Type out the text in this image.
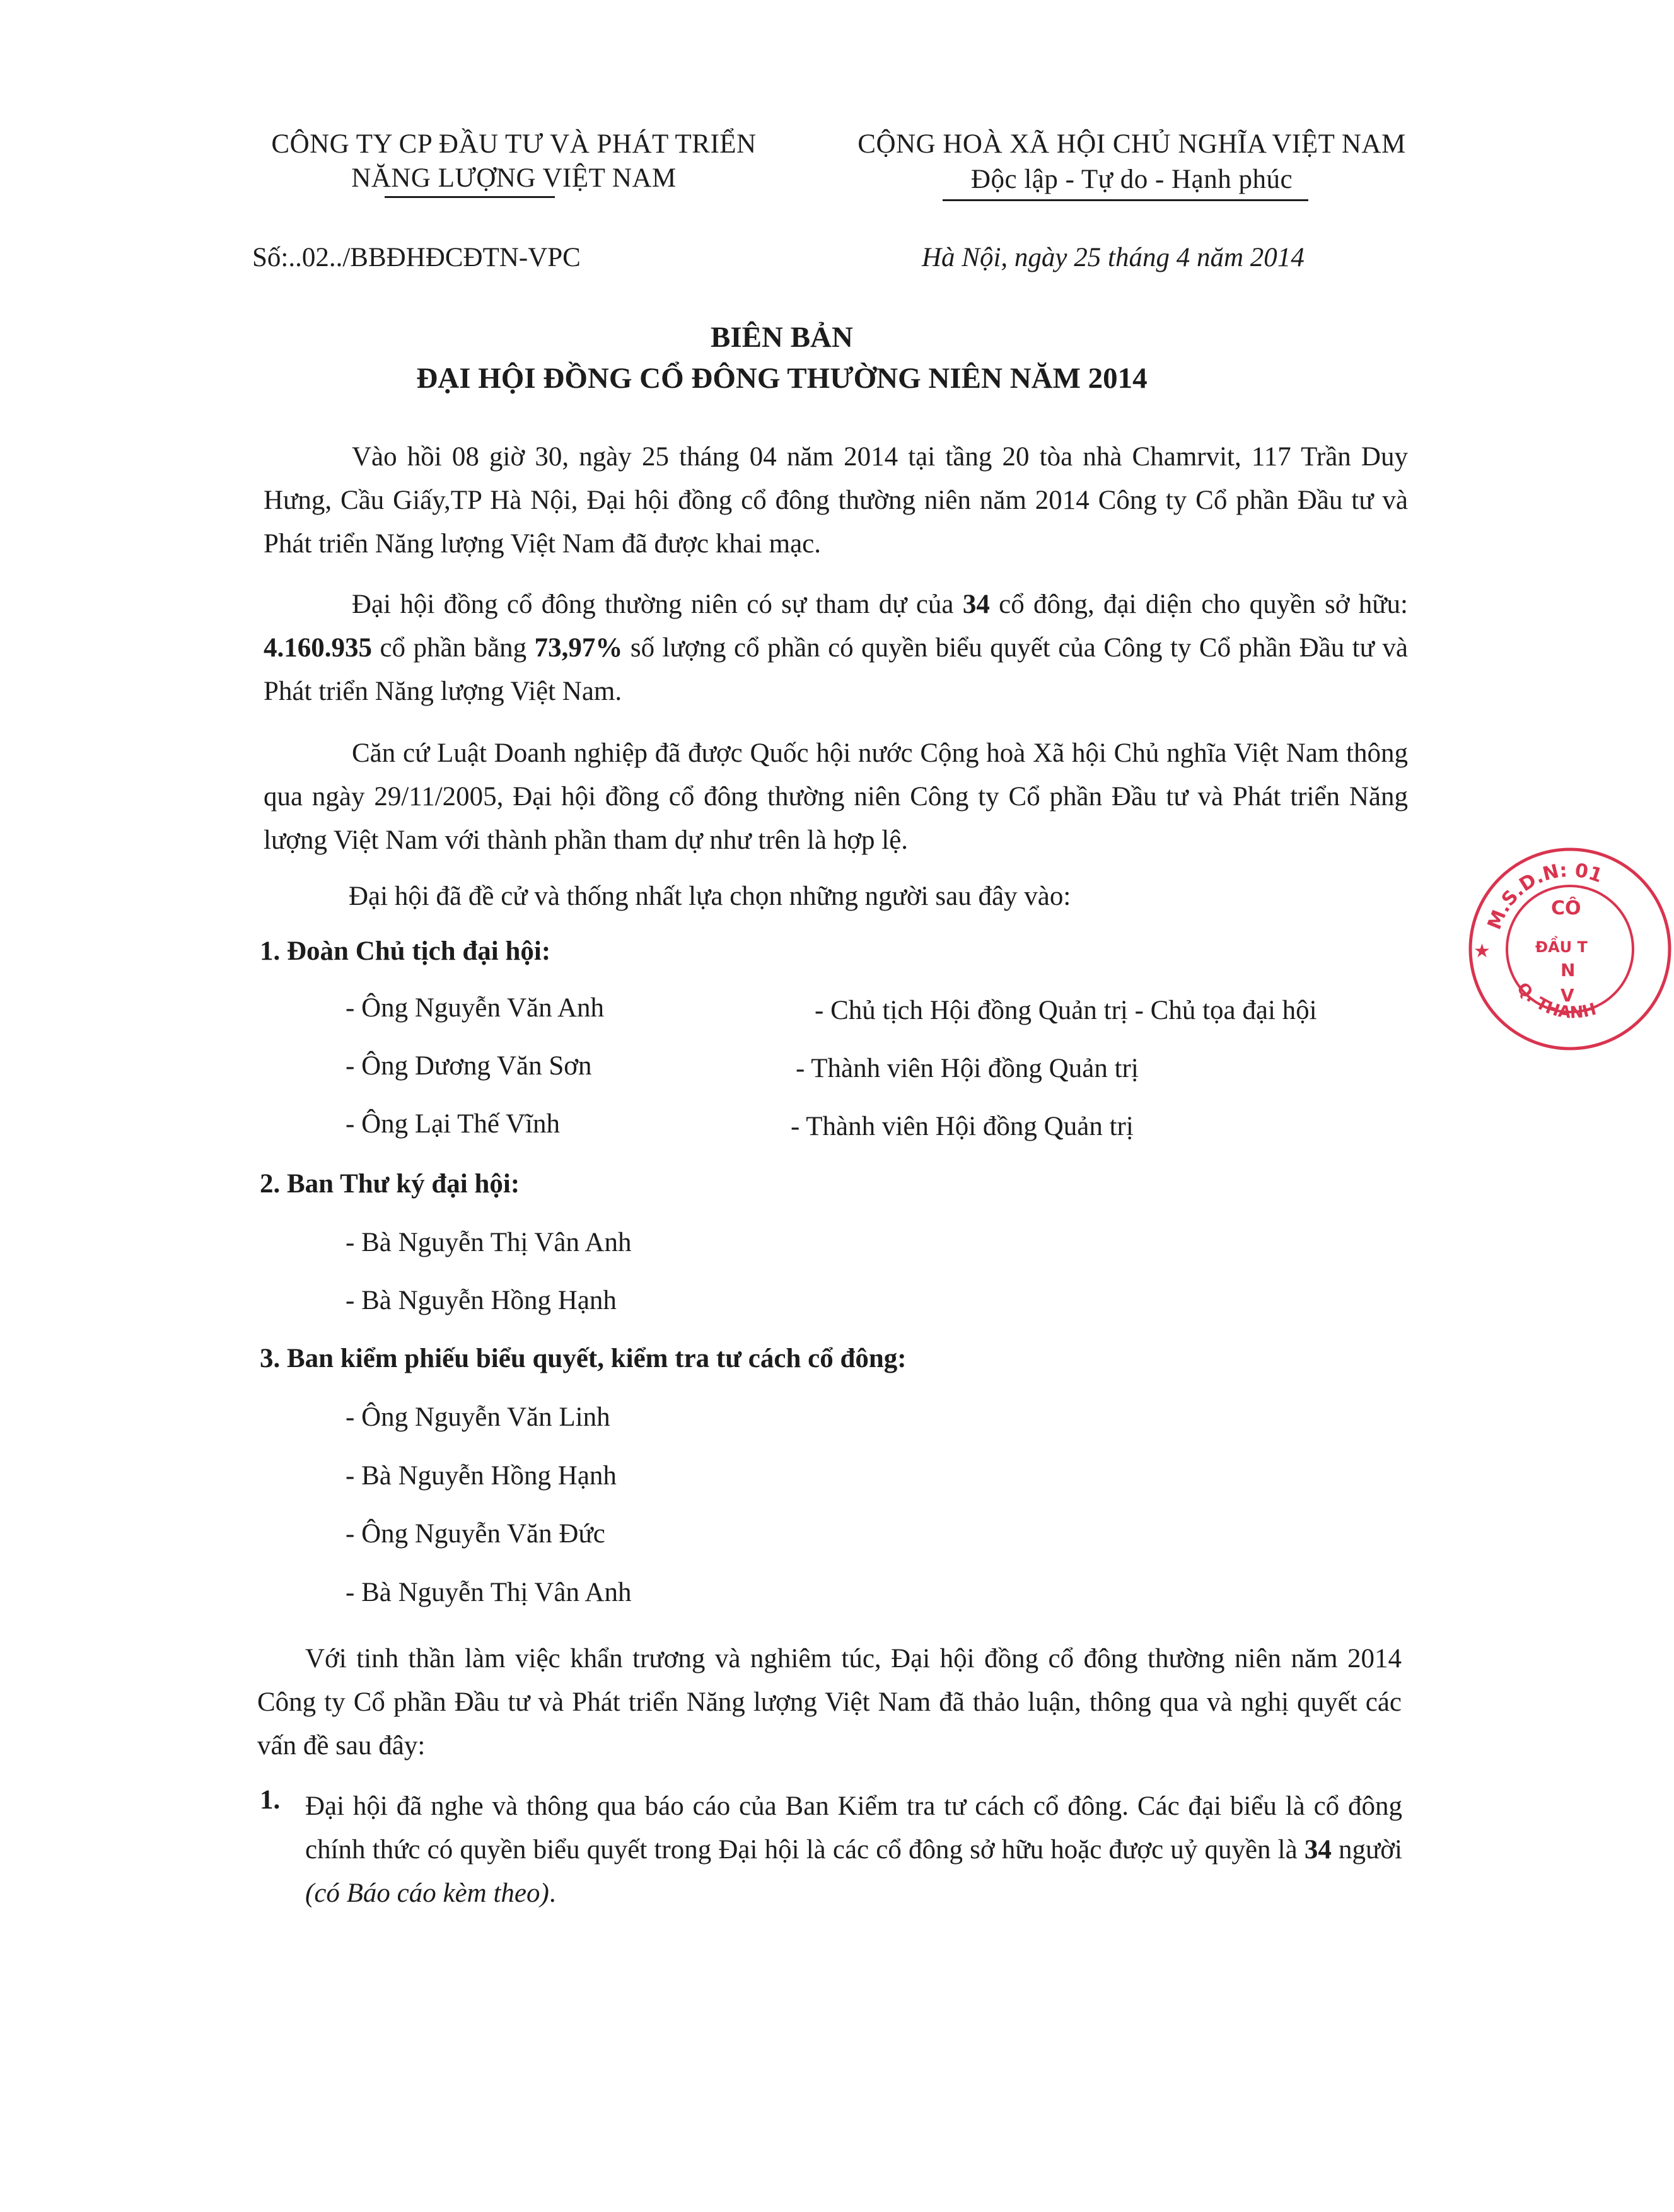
CÔNG TY CP ĐẦU TƯ VÀ PHÁT TRIỂN
NĂNG LƯỢNG VIỆT NAM
CỘNG HOÀ XÃ HỘI CHỦ NGHĨA VIỆT NAM
Độc lập - Tự do - Hạnh phúc
Số:..02../BBĐHĐCĐTN-VPC	Hà Nội, ngày 25 tháng 4 năm 2014
BIÊN BẢN
ĐẠI HỘI ĐỒNG CỔ ĐÔNG THƯỜNG NIÊN NĂM 2014
Vào hồi 08 giờ 30, ngày 25 tháng 04 năm 2014 tại tầng 20 tòa nhà Chamrvit, 117 Trần Duy Hưng, Cầu Giấy,TP Hà Nội, Đại hội đồng cổ đông thường niên năm 2014 Công ty Cổ phần Đầu tư và Phát triển Năng lượng Việt Nam đã được khai mạc.
Đại hội đồng cổ đông thường niên có sự tham dự của 34 cổ đông, đại diện cho quyền sở hữu: 4.160.935 cổ phần bằng 73,97% số lượng cổ phần có quyền biểu quyết của Công ty Cổ phần Đầu tư và Phát triển Năng lượng Việt Nam.
Căn cứ Luật Doanh nghiệp đã được Quốc hội nước Cộng hoà Xã hội Chủ nghĩa Việt Nam thông qua ngày 29/11/2005, Đại hội đồng cổ đông thường niên Công ty Cổ phần Đầu tư và Phát triển Năng lượng Việt Nam với thành phần tham dự như trên là hợp lệ.
Đại hội đã đề cử và thống nhất lựa chọn những người sau đây vào:
1. Đoàn Chủ tịch đại hội:
- Ông Nguyễn Văn Anh	- Chủ tịch Hội đồng Quản trị - Chủ tọa đại hội
- Ông Dương Văn Sơn	- Thành viên Hội đồng Quản trị
- Ông Lại Thế Vĩnh	- Thành viên Hội đồng Quản trị
2. Ban Thư ký đại hội:
- Bà Nguyễn Thị Vân Anh
- Bà Nguyễn Hồng Hạnh
3. Ban kiểm phiếu biểu quyết, kiểm tra tư cách cổ đông:
- Ông Nguyễn Văn Linh
- Bà Nguyễn Hồng Hạnh
- Ông Nguyễn Văn Đức
- Bà Nguyễn Thị Vân Anh
Với tinh thần làm việc khẩn trương và nghiêm túc, Đại hội đồng cổ đông thường niên năm 2014 Công ty Cổ phần Đầu tư và Phát triển Năng lượng Việt Nam đã thảo luận, thông qua và nghị quyết các vấn đề sau đây:
1. Đại hội đã nghe và thông qua báo cáo của Ban Kiểm tra tư cách cổ đông. Các đại biểu là cổ đông chính thức có quyền biểu quyết trong Đại hội là các cổ đông sở hữu hoặc được uỷ quyền là 34 người (có Báo cáo kèm theo).
M.S.D.N: 01
Q. THANH
★
CÔ
ĐẦU T
N
V
